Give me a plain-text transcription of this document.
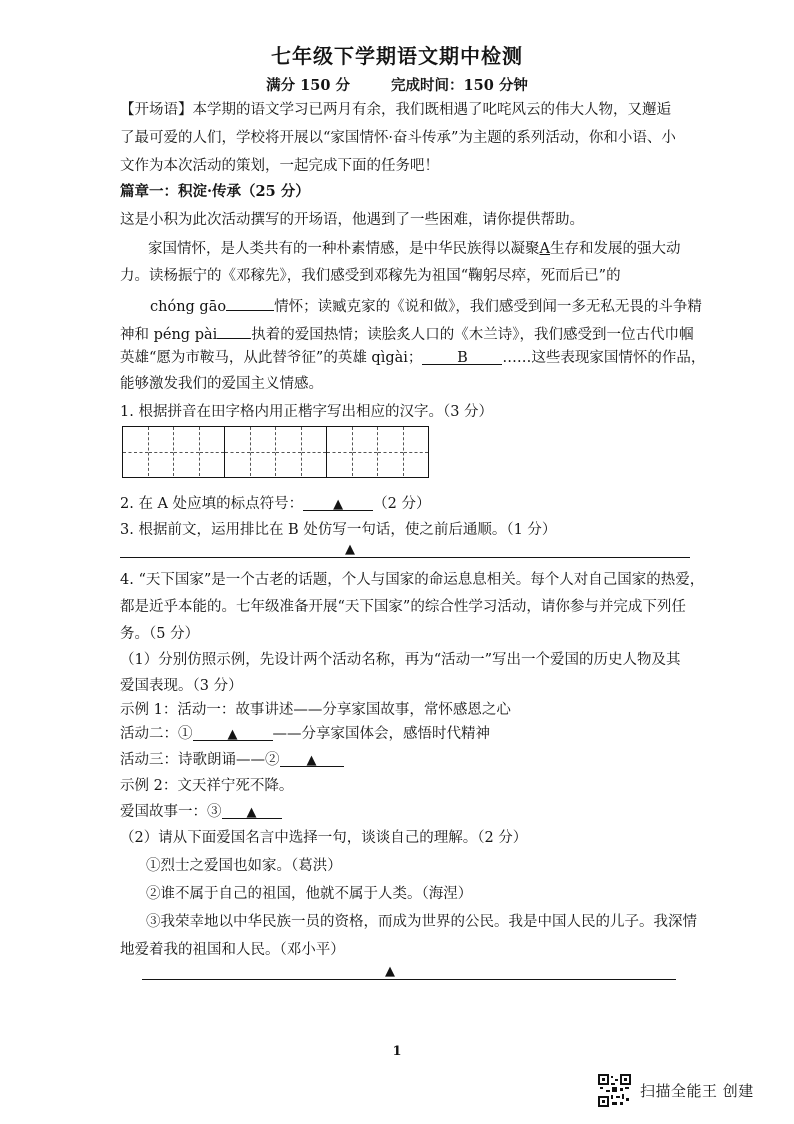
七年级下学期语文期中检测
满分 150 分	完成时间：150 分钟
【开场语】本学期的语文学习已两月有余，我们既相遇了叱咤风云的伟大人物，又邂逅
了最可爱的人们，学校将开展以“家国情怀·奋斗传承”为主题的系列活动，你和小语、小
文作为本次活动的策划，一起完成下面的任务吧！
篇章一：积淀·传承（25 分）
这是小积为此次活动撰写的开场语，他遇到了一些困难，请你提供帮助。
家国情怀，是人类共有的一种朴素情感，是中华民族得以凝聚A生存和发展的强大动
力。读杨振宁的《邓稼先》，我们感受到邓稼先为祖国“鞠躬尽瘁，死而后已”的
chóng gāo	情怀；读臧克家的《说和做》，我们感受到闻一多无私无畏的斗争精
神和 péng pài 执着的爱国热情；读脍炙人口的《木兰诗》，我们感受到一位古代巾帼
英雄“愿为市鞍马，从此替爷征”的英雄 qìgài； B ……这些表现家国情怀的作品，
能够激发我们的爱国主义情感。
1. 根据拼音在田字格内用正楷字写出相应的汉字。（3 分）
2. 在 A 处应填的标点符号： ▲ （2 分）
3. 根据前文，运用排比在 B 处仿写一句话，使之前后通顺。（1 分）
▲
4. “天下国家”是一个古老的话题，个人与国家的命运息息相关。每个人对自己国家的热爱，
都是近乎本能的。七年级准备开展“天下国家”的综合性学习活动，请你参与并完成下列任
务。（5 分）
（1）分别仿照示例，先设计两个活动名称，再为“活动一”写出一个爱国的历史人物及其
爱国表现。（3 分）
示例 1：活动一：故事讲述——分享家国故事，常怀感恩之心
活动二：①	▲ ——分享家国体会，感悟时代精神
活动三：诗歌朗诵——② ▲
示例 2：文天祥宁死不降。
爱国故事一：③ ▲
（2）请从下面爱国名言中选择一句，谈谈自己的理解。（2 分）
①烈士之爱国也如家。（葛洪）
②谁不属于自己的祖国，他就不属于人类。（海涅）
③我荣幸地以中华民族一员的资格，而成为世界的公民。我是中国人民的儿子。我深情
地爱着我的祖国和人民。（邓小平）
▲
1
扫描全能王 创建
